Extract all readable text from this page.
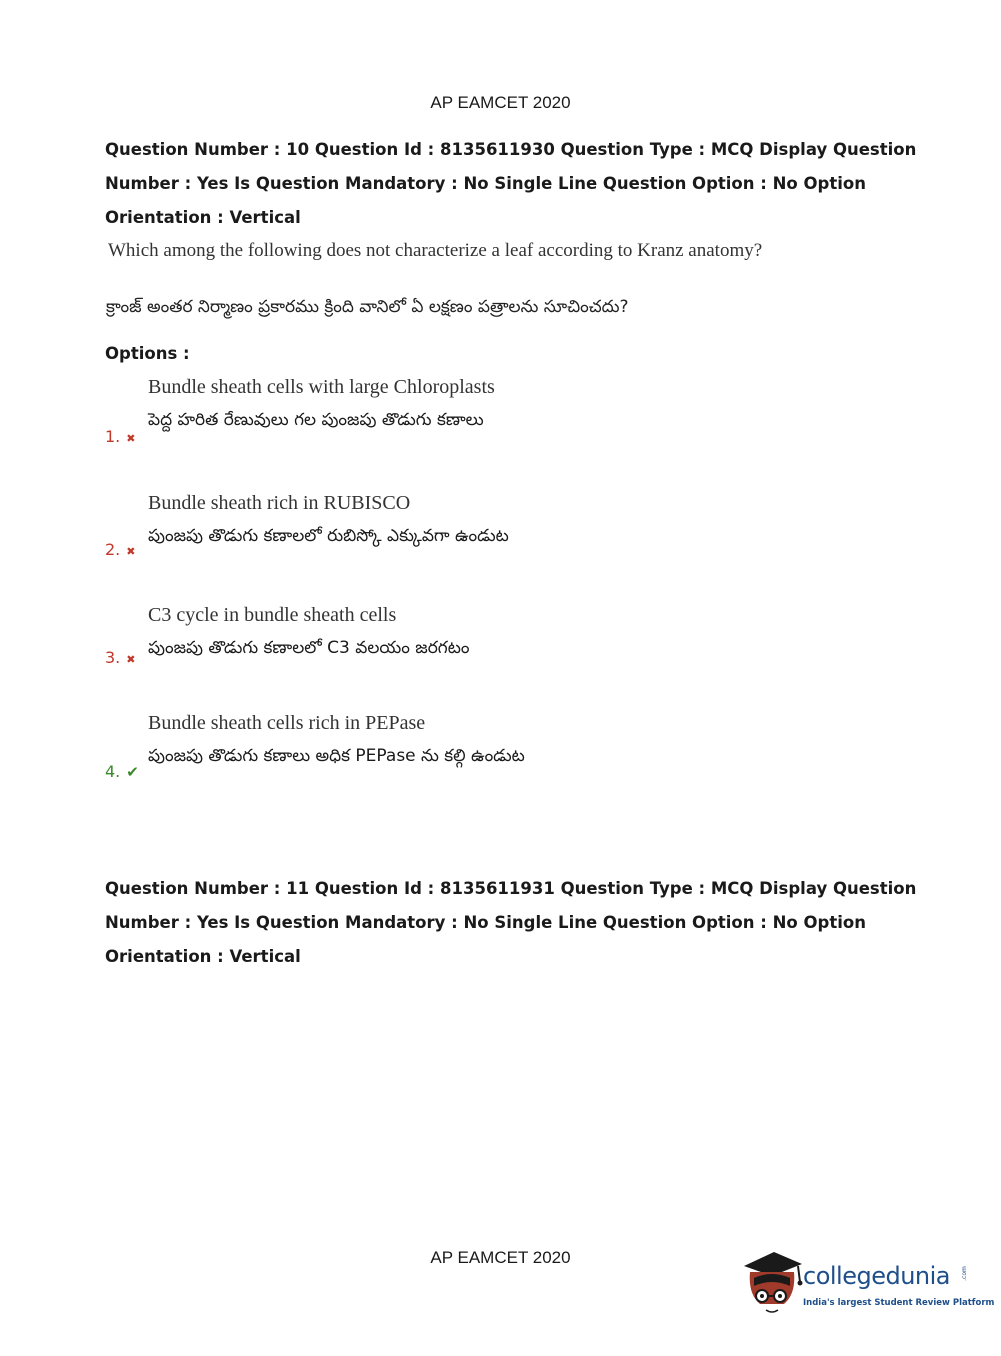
AP EAMCET 2020
Question Number : 10 Question Id : 8135611930 Question Type : MCQ Display Question
Number : Yes Is Question Mandatory : No Single Line Question Option : No Option
Orientation : Vertical
Which among the following does not characterize a leaf according to Kranz anatomy?
క్రాంజ్ అంతర నిర్మాణం ప్రకారము క్రింది వానిలో ఏ లక్షణం పత్రాలను సూచించదు?
Options :
Bundle sheath cells with large Chloroplasts
పెద్ద హరిత రేణువులు గల పుంజపు తొడుగు కణాలు
1. ✖
Bundle sheath rich in RUBISCO
పుంజపు తొడుగు కణాలలో రుబిస్కో ఎక్కువగా ఉండుట
2. ✖
C3 cycle in bundle sheath cells
పుంజపు తొడుగు కణాలలో C3 వలయం జరగటం
3. ✖
Bundle sheath cells rich in PEPase
పుంజపు తొడుగు కణాలు అధిక PEPase ను కల్గి ఉండుట
4. ✔
Question Number : 11 Question Id : 8135611931 Question Type : MCQ Display Question
Number : Yes Is Question Mandatory : No Single Line Question Option : No Option
Orientation : Vertical
AP EAMCET 2020
collegedunia .com
India's largest Student Review Platform
